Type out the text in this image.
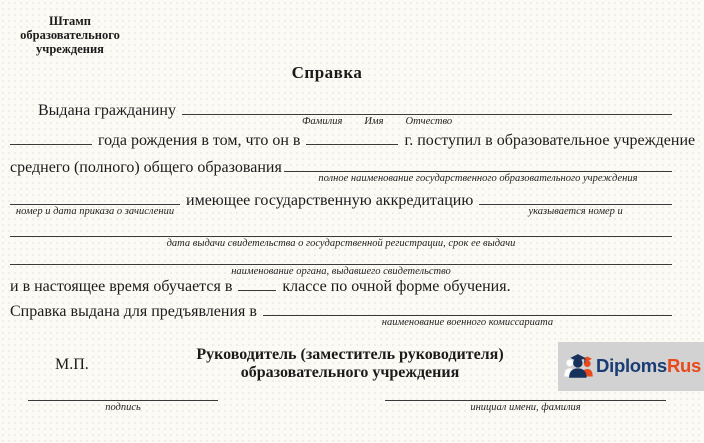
Штамп
образовательного
учреждения
Справка
Выдана гражданину
Фамилия Имя Отчество
года рождения в том, что он в	г. поступил в образовательное учреждение
среднего (полного) общего образования
полное наименование государственного образовательного учреждения
номер и дата приказа о зачислении
имеющее государственную аккредитацию
указывается номер и
дата выдачи свидетельства о государственной регистрации, срок ее выдачи
наименование органа, выдавшего свидетельство
и в настоящее время обучается в	классе по очной форме обучения.
Справка выдана для предъявления в
наименование военного комиссариата
М.П.
Руководитель (заместитель руководителя)
образовательного учреждения	DiplomsRus
подпись	инициал имени, фамилия
